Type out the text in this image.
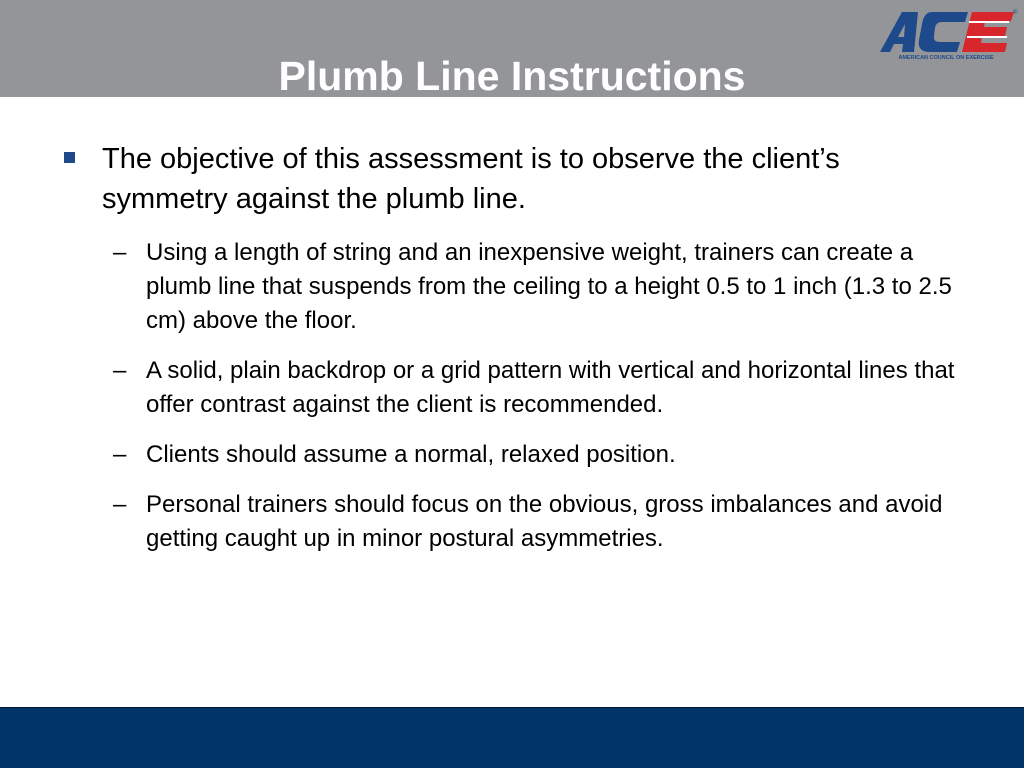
AMERICAN COUNCIL ON EXERCISE
®
Plumb Line Instructions
The objective of this assessment is to observe the client’s symmetry against the plumb line.
– Using a length of string and an inexpensive weight, trainers can create a plumb line that suspends from the ceiling to a height 0.5 to 1 inch (1.3 to 2.5 cm) above the floor.
– A solid, plain backdrop or a grid pattern with vertical and horizontal lines that offer contrast against the client is recommended.
– Clients should assume a normal, relaxed position.
– Personal trainers should focus on the obvious, gross imbalances and avoid getting caught up in minor postural asymmetries.
